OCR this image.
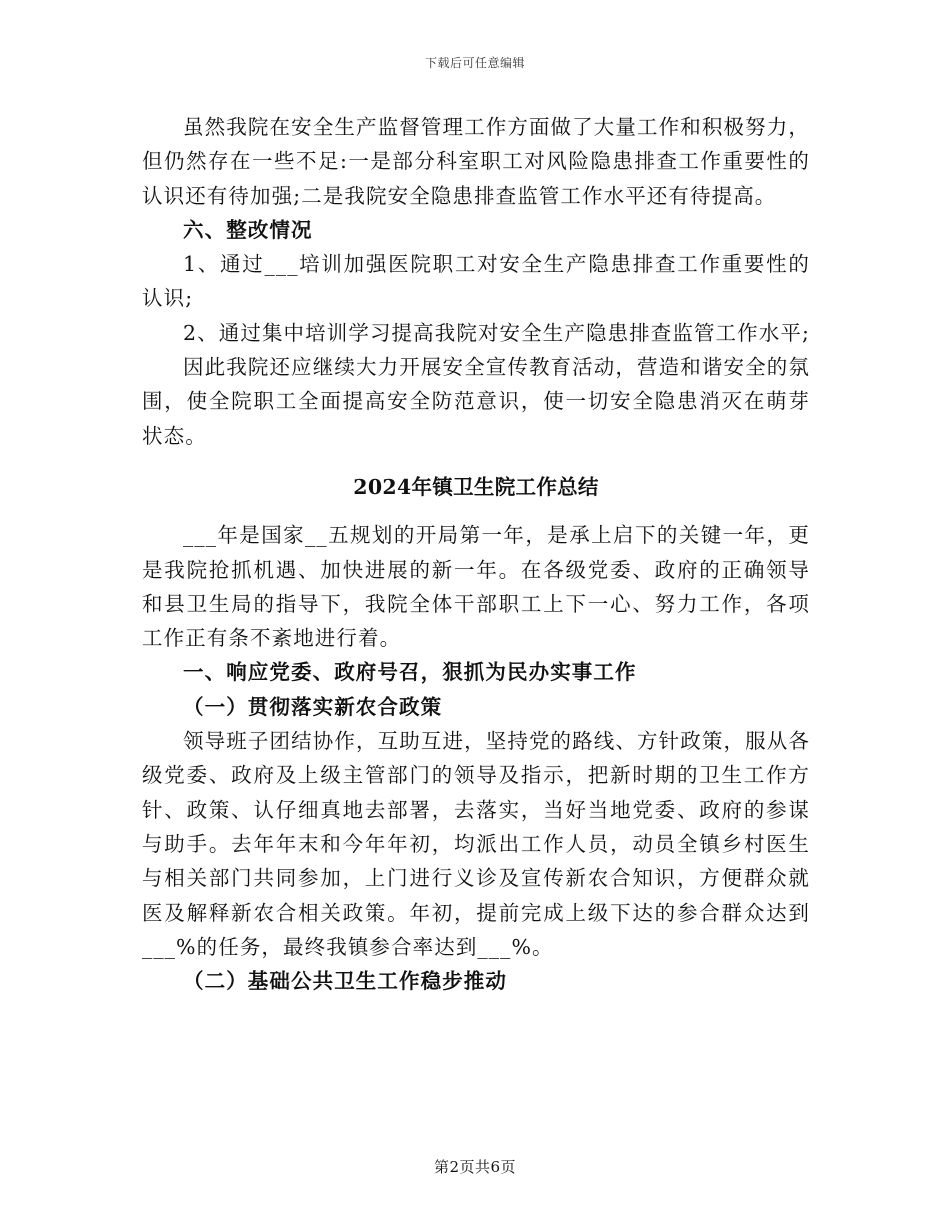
下载后可任意编辑

虽然我院在安全生产监督管理工作方面做了大量工作和积极努力，但仍然存在一些不足:一是部分科室职工对风险隐患排查工作重要性的认识还有待加强;二是我院安全隐患排查监管工作水平还有待提高。

六、整改情况

1、通过___培训加强医院职工对安全生产隐患排查工作重要性的认识;

2、通过集中培训学习提高我院对安全生产隐患排查监管工作水平;

因此我院还应继续大力开展安全宣传教育活动，营造和谐安全的氛围，使全院职工全面提高安全防范意识，使一切安全隐患消灭在萌芽状态。

2024年镇卫生院工作总结

___年是国家__五规划的开局第一年，是承上启下的关键一年，更是我院抢抓机遇、加快进展的新一年。在各级党委、政府的正确领导和县卫生局的指导下，我院全体干部职工上下一心、努力工作，各项工作正有条不紊地进行着。

一、响应党委、政府号召，狠抓为民办实事工作

（一）贯彻落实新农合政策

领导班子团结协作，互助互进，坚持党的路线、方针政策，服从各级党委、政府及上级主管部门的领导及指示，把新时期的卫生工作方针、政策、认仔细真地去部署，去落实，当好当地党委、政府的参谋与助手。去年年末和今年年初，均派出工作人员，动员全镇乡村医生与相关部门共同参加，上门进行义诊及宣传新农合知识，方便群众就医及解释新农合相关政策。年初，提前完成上级下达的参合群众达到___%的任务，最终我镇参合率达到___%。

（二）基础公共卫生工作稳步推动

第2页共6页
